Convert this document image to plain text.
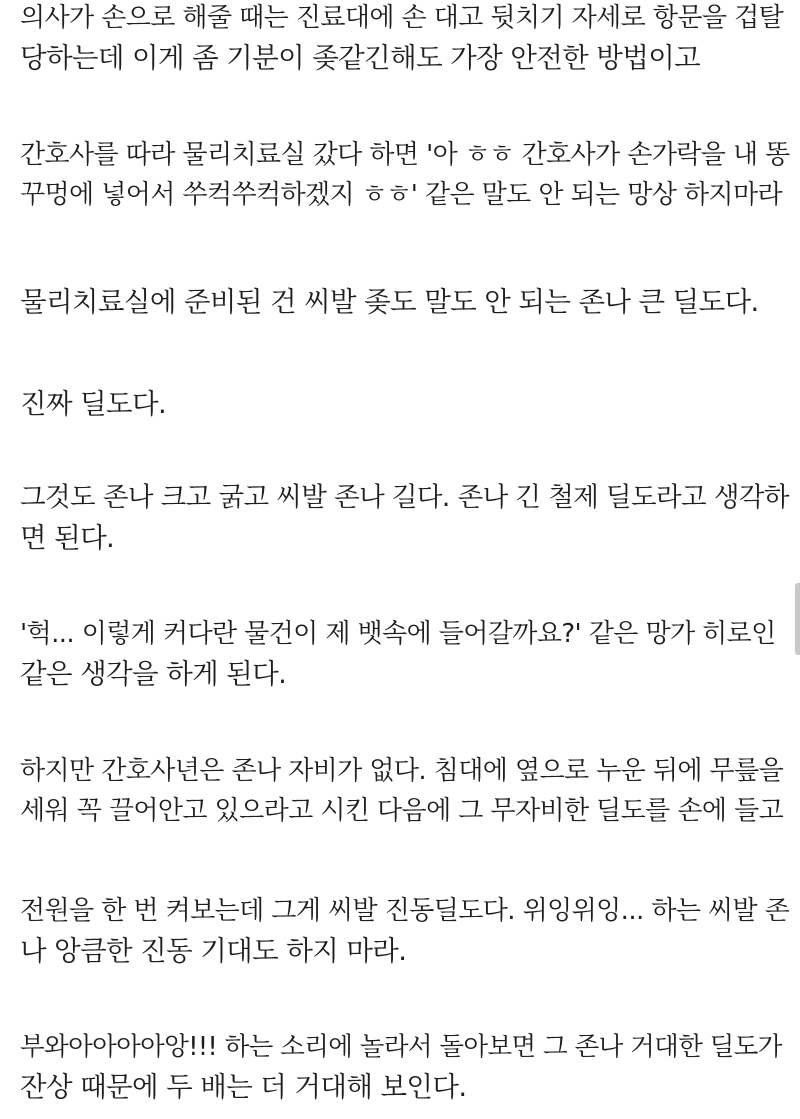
의사가 손으로 해줄 때는 진료대에 손 대고 뒷치기 자세로 항문을 겁탈
당하는데 이게 좀 기분이 좆같긴해도 가장 안전한 방법이고

간호사를 따라 물리치료실 갔다 하면 '아 ㅎㅎ 간호사가 손가락을 내 똥
꾸멍에 넣어서 쑤컥쑤컥하겠지 ㅎㅎ' 같은 말도 안 되는 망상 하지마라

물리치료실에 준비된 건 씨발 좆도 말도 안 되는 존나 큰 딜도다.

진짜 딜도다.

그것도 존나 크고 굵고 씨발 존나 길다. 존나 긴 철제 딜도라고 생각하
면 된다.

'헉... 이렇게 커다란 물건이 제 뱃속에 들어갈까요?' 같은 망가 히로인
같은 생각을 하게 된다.

하지만 간호사년은 존나 자비가 없다. 침대에 옆으로 누운 뒤에 무릎을
세워 꼭 끌어안고 있으라고 시킨 다음에 그 무자비한 딜도를 손에 들고

전원을 한 번 켜보는데 그게 씨발 진동딜도다. 위잉위잉... 하는 씨발 존
나 앙큼한 진동 기대도 하지 마라.

부와아아아아앙!!! 하는 소리에 놀라서 돌아보면 그 존나 거대한 딜도가
잔상 때문에 두 배는 더 거대해 보인다.
